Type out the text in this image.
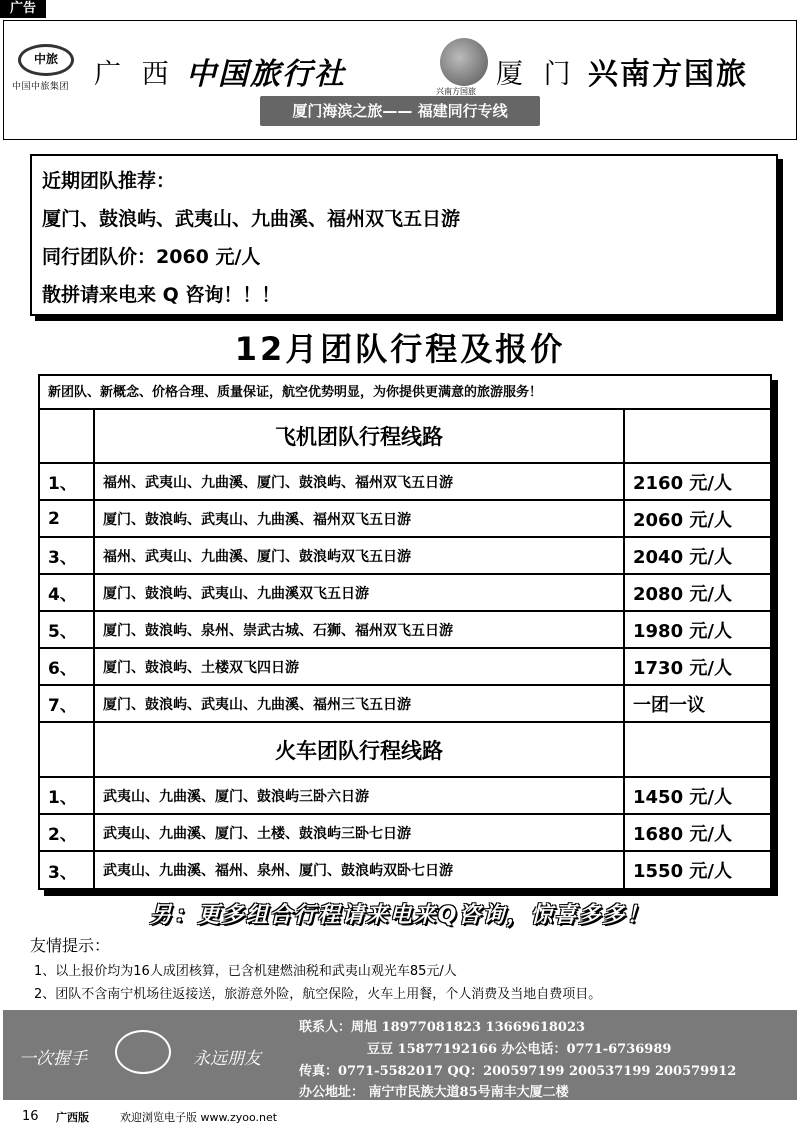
广告
中旅
中国中旅集团 广 西 中国旅行社	兴南方国旅
厦 门 兴南方国旅
厦门海滨之旅—— 福建同行专线
近期团队推荐：
厦门、鼓浪屿、武夷山、九曲溪、福州双飞五日游
同行团队价：2060 元/人
散拼请来电来 Q 咨询！！！
12月团队行程及报价
新团队、新概念、价格合理、质量保证，航空优势明显，为你提供更满意的旅游服务！
飞机团队行程线路
1、	福州、武夷山、九曲溪、厦门、鼓浪屿、福州双飞五日游	2160 元/人
2	厦门、鼓浪屿、武夷山、九曲溪、福州双飞五日游	2060 元/人
3、	福州、武夷山、九曲溪、厦门、鼓浪屿双飞五日游	2040 元/人
4、	厦门、鼓浪屿、武夷山、九曲溪双飞五日游	2080 元/人
5、	厦门、鼓浪屿、泉州、崇武古城、石狮、福州双飞五日游	1980 元/人
6、	厦门、鼓浪屿、土楼双飞四日游	1730 元/人
7、	厦门、鼓浪屿、武夷山、九曲溪、福州三飞五日游	一团一议
火车团队行程线路
1、	武夷山、九曲溪、厦门、鼓浪屿三卧六日游	1450 元/人
2、	武夷山、九曲溪、厦门、土楼、鼓浪屿三卧七日游	1680 元/人
3、	武夷山、九曲溪、福州、泉州、厦门、鼓浪屿双卧七日游	1550 元/人
另：更多组合行程请来电来Q咨询，惊喜多多！
友情提示：
1、以上报价均为16人成团核算，已含机建燃油税和武夷山观光车85元/人
2、团队不含南宁机场往返接送，旅游意外险，航空保险，火车上用餐，个人消费及当地自费项目。
一次握手	永远朋友
联系人：周旭 18977081823 13669618023
豆豆 15877192166 办公电话：0771-6736989
传真：0771-5582017 QQ：200597199 200537199 200579912
办公地址： 南宁市民族大道85号南丰大厦二楼
16 广西版	欢迎浏览电子版 www.zyoo.net
